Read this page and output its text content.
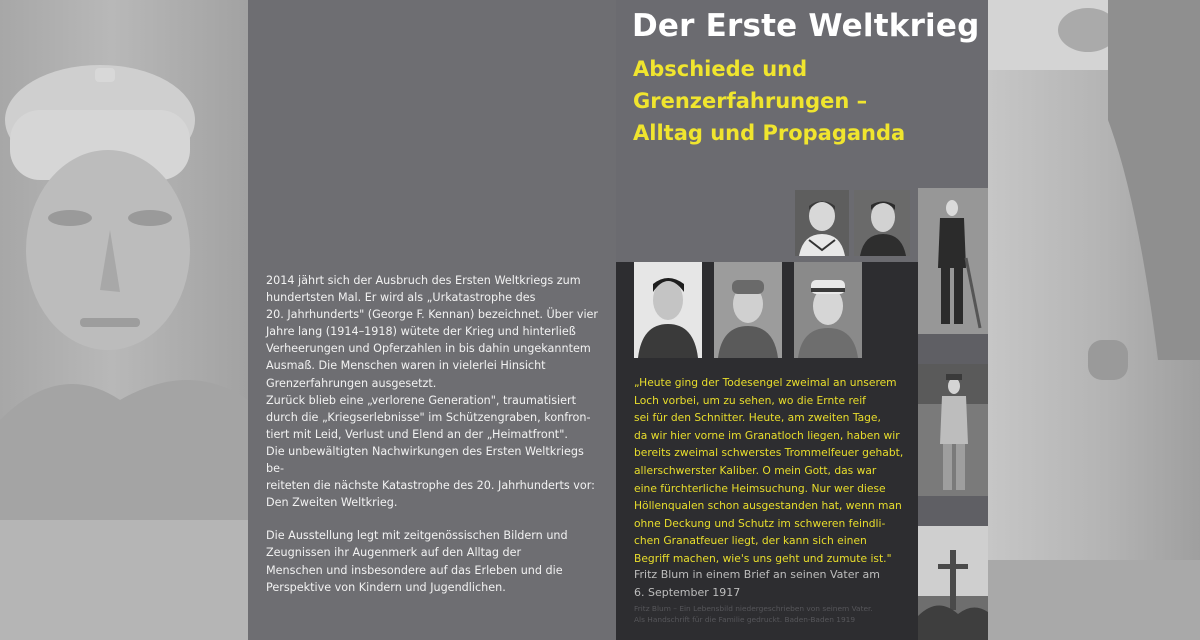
2014 jährt sich der Ausbruch des Ersten Weltkriegs zum
hundertsten Mal. Er wird als „Urkatastrophe des
20. Jahrhunderts" (George F. Kennan) bezeichnet. Über vier
Jahre lang (1914–1918) wütete der Krieg und hinterließ
Verheerungen und Opferzahlen in bis dahin ungekanntem
Ausmaß. Die Menschen waren in vielerlei Hinsicht
Grenzerfahrungen ausgesetzt.
Zurück blieb eine „verlorene Generation", traumatisiert
durch die „Kriegserlebnisse" im Schützengraben, konfron-
tiert mit Leid, Verlust und Elend an der „Heimatfront".
Die unbewältigten Nachwirkungen des Ersten Weltkriegs be-
reiteten die nächste Katastrophe des 20. Jahrhunderts vor:
Den Zweiten Weltkrieg.

Die Ausstellung legt mit zeitgenössischen Bildern und
Zeugnissen ihr Augenmerk auf den Alltag der
Menschen und insbesondere auf das Erleben und die
Perspektive von Kindern und Jugendlichen.

Der Erste Weltkrieg
Abschiede und
Grenzerfahrungen –
Alltag und Propaganda
„Heute ging der Todesengel zweimal an unserem
Loch vorbei, um zu sehen, wo die Ernte reif
sei für den Schnitter. Heute, am zweiten Tage,
da wir hier vorne im Granatloch liegen, haben wir
bereits zweimal schwerstes Trommelfeuer gehabt,
allerschwerster Kaliber. O mein Gott, das war
eine fürchterliche Heimsuchung. Nur wer diese
Höllenqualen schon ausgestanden hat, wenn man
ohne Deckung und Schutz im schweren feindli-
chen Granatfeuer liegt, der kann sich einen
Begriff machen, wie's uns geht und zumute ist."
Fritz Blum in einem Brief an seinen Vater am
6. September 1917
Fritz Blum – Ein Lebensbild niedergeschrieben von seinem Vater.
Als Handschrift für die Familie gedruckt. Baden-Baden 1919
